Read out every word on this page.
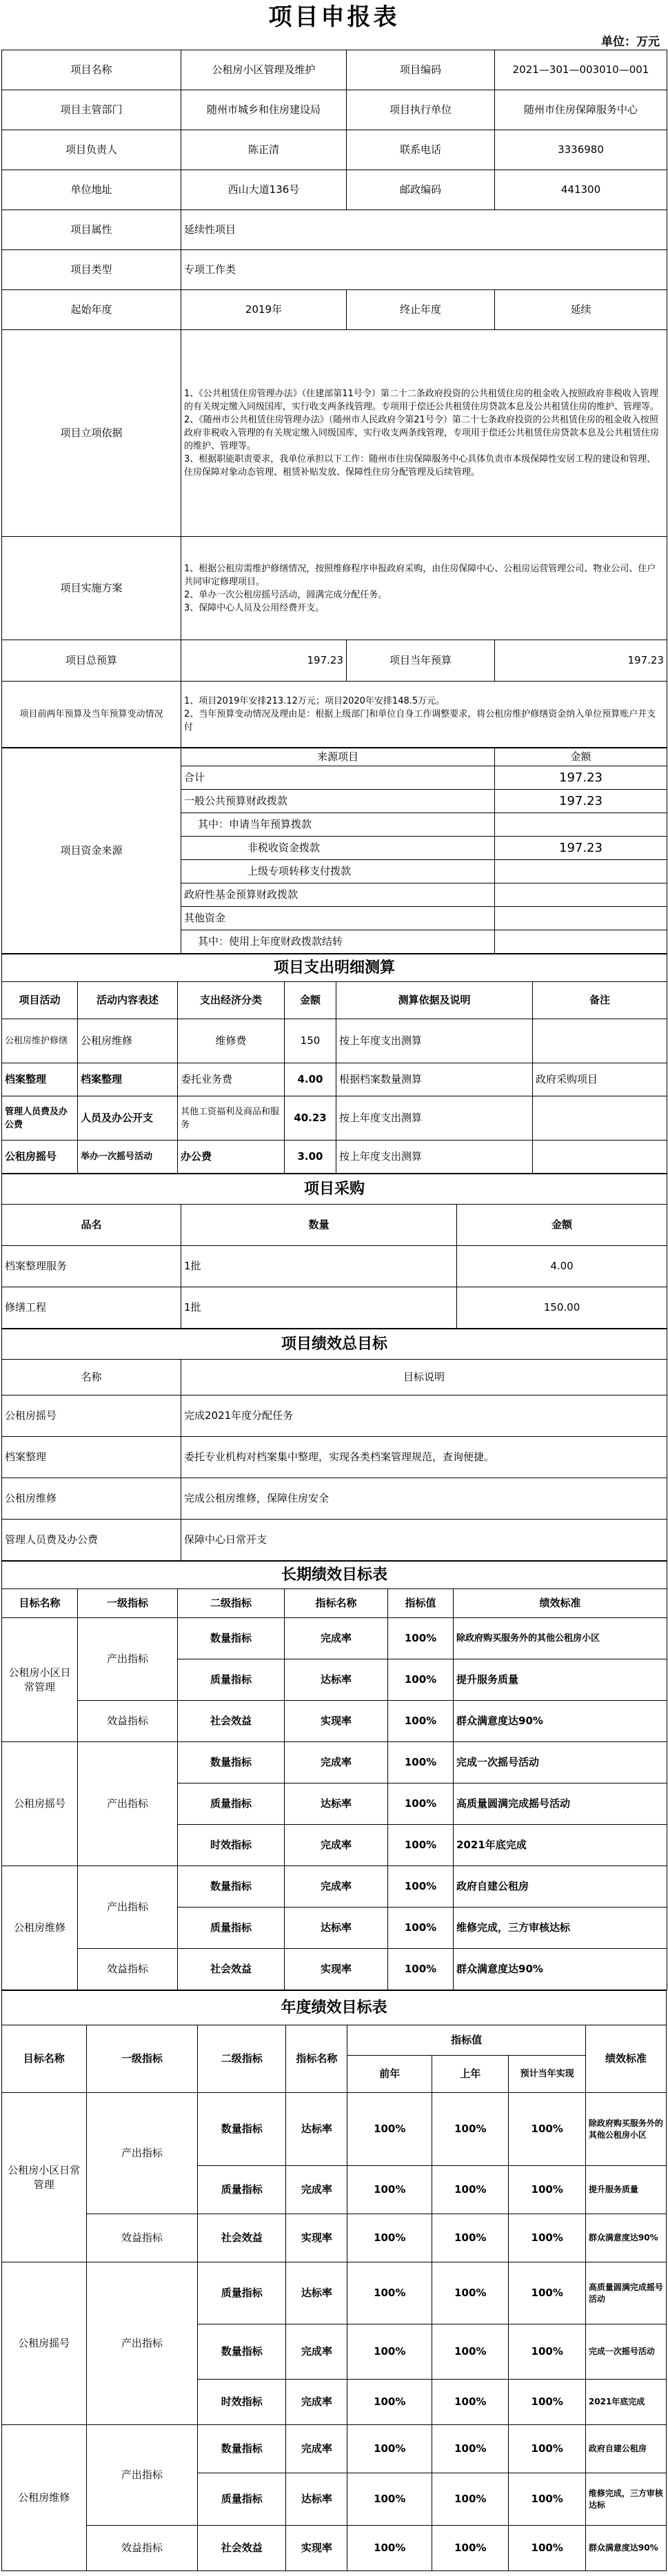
项目申报表
单位：万元
项目名称	公租房小区管理及维护	项目编码	2021—301—003010—001
项目主管部门	随州市城乡和住房建设局	项目执行单位	随州市住房保障服务中心
项目负责人	陈正清	联系电话	3336980
单位地址	西山大道136号	邮政编码	441300
项目属性	延续性项目		
项目类型	专项工作类		
起始年度	2019年	终止年度	延续
项目立项依据	1、《公共租赁住房管理办法》（住建部第11号令）第二十二条政府投资的公共租赁住房的租金收入按照政府非税收入管理的有关规定缴入同级国库，实行收支两条线管理。专项用于偿还公共租赁住房贷款本息及公共租赁住房的维护、管理等。
2、《随州市公共租赁住房管理办法》（随州市人民政府令第21号令）第二十七条政府投资的公共租赁住房的租金收入按照政府非税收入管理的有关规定缴入同级国库，实行收支两条线管理，专项用于偿还公共租赁住房贷款本息及公共租赁住房的维护、管理等。
3、根据职能职责要求，我单位承担以下工作：随州市住房保障服务中心具体负责市本级保障性安居工程的建设和管理、住房保障对象动态管理、租赁补贴发放、保障性住房分配管理及后续管理。		
项目实施方案	1、根据公租房需维护修缮情况，按照维修程序申报政府采购，由住房保障中心、公租房运营管理公司、物业公司、住户共同审定修理项目。
2、单办一次公租房摇号活动，圆满完成分配任务。
3、保障中心人员及公用经费开支。		
项目总预算	197.23	项目当年预算	197.23
项目前两年预算及当年预算变动情况	1、项目2019年安排213.12万元；项目2020年安排148.5万元。
2、当年预算变动情况及理由是：根据上级部门和单位自身工作调整要求，将公租房维护修缮资金纳入单位预算账户并支付		
项目资金来源	来源项目	金额
	合计	197.23
	一般公共预算财政拨款	197.23
	其中：申请当年预算拨款	
	非税收资金拨款	197.23
	上级专项转移支付拨款	
	政府性基金预算财政拨款	
	其他资金	
	其中：使用上年度财政拨款结转	
项目支出明细测算					
项目活动	活动内容表述	支出经济分类	金额	测算依据及说明	备注
公租房维护修缮	公租房维修	维修费	150	按上年度支出测算	
档案整理	档案整理	委托业务费	4.00	根据档案数量测算	政府采购项目
管理人员费及办公费	人员及办公开支	其他工资福利及商品和服务	40.23	按上年度支出测算	
公租房摇号	举办一次摇号活动	办公费	3.00	按上年度支出测算	
项目采购		
品名	数量	金额
档案整理服务	1批	4.00
修缮工程	1批	150.00
项目绩效总目标	
名称	目标说明
公租房摇号	完成2021年度分配任务
档案整理	委托专业机构对档案集中整理，实现各类档案管理规范，查询便捷。
公租房维修	完成公租房维修，保障住房安全
管理人员费及办公费	保障中心日常开支
长期绩效目标表					
目标名称	一级指标	二级指标	指标名称	指标值	绩效标准
公租房小区日常管理	产出指标	数量指标	完成率	100%	除政府购买服务外的其他公租房小区
		质量指标	达标率	100%	提升服务质量
	效益指标	社会效益	实现率	100%	群众满意度达90%
公租房摇号	产出指标	数量指标	完成率	100%	完成一次摇号活动
		质量指标	达标率	100%	高质量圆满完成摇号活动
		时效指标	完成率	100%	2021年底完成
公租房维修	产出指标	数量指标	完成率	100%	政府自建公租房
		质量指标	达标率	100%	维修完成，三方审核达标
	效益指标	社会效益	实现率	100%	群众满意度达90%
年度绩效目标表							
目标名称	一级指标	二级指标	指标名称	指标值			绩效标准
				前年	上年	预计当年实现	
公租房小区日常管理	产出指标	数量指标	达标率	100%	100%	100%	除政府购买服务外的其他公租房小区
		质量指标	完成率	100%	100%	100%	提升服务质量
	效益指标	社会效益	实现率	100%	100%	100%	群众满意度达90%
公租房摇号	产出指标	质量指标	达标率	100%	100%	100%	高质量圆满完成摇号活动
		数量指标	完成率	100%	100%	100%	完成一次摇号活动
		时效指标	完成率	100%	100%	100%	2021年底完成
公租房维修	产出指标	数量指标	完成率	100%	100%	100%	政府自建公租房
		质量指标	达标率	100%	100%	100%	维修完成，三方审核达标
	效益指标	社会效益	实现率	100%	100%	100%	群众满意度达90%
